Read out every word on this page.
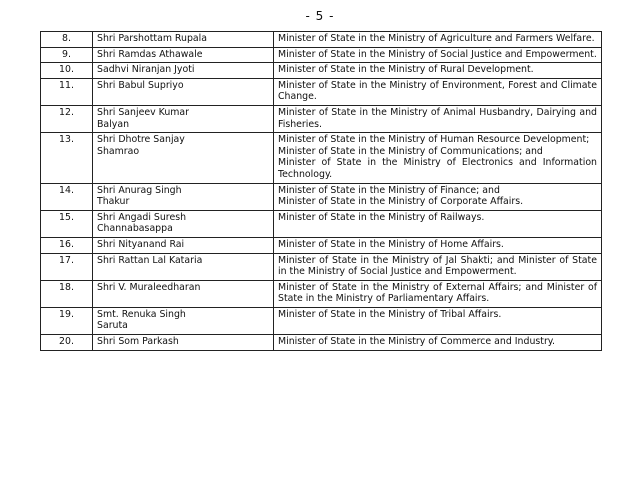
- 5 -
8.	Shri Parshottam Rupala	Minister of State in the Ministry of Agriculture and Farmers Welfare.

9.	Shri Ramdas Athawale	Minister of State in the Ministry of Social Justice and Empowerment.

10.	Sadhvi Niranjan Jyoti	Minister of State in the Ministry of Rural Development.

11.	Shri Babul Supriyo	Minister of State in the Ministry of Environment, Forest and Climate Change.

12.	Shri Sanjeev Kumar
Balyan	Minister of State in the Ministry of Animal Husbandry, Dairying and Fisheries.

13.	Shri Dhotre Sanjay
Shamrao	Minister of State in the Ministry of Human Resource Development;
Minister of State in the Ministry of Communications; and
Minister of State in the Ministry of Electronics and Information Technology.

14.	Shri Anurag Singh
Thakur	Minister of State in the Ministry of Finance; and
Minister of State in the Ministry of Corporate Affairs.

15.	Shri Angadi Suresh
Channabasappa	Minister of State in the Ministry of Railways.

16.	Shri Nityanand Rai	Minister of State in the Ministry of Home Affairs.

17.	Shri Rattan Lal Kataria	Minister of State in the Ministry of Jal Shakti; and Minister of State in the Ministry of Social Justice and Empowerment.

18.	Shri V. Muraleedharan	Minister of State in the Ministry of External Affairs; and Minister of State in the Ministry of Parliamentary Affairs.

19.	Smt. Renuka Singh
Saruta	Minister of State in the Ministry of Tribal Affairs.

20.	Shri Som Parkash	Minister of State in the Ministry of Commerce and Industry.
